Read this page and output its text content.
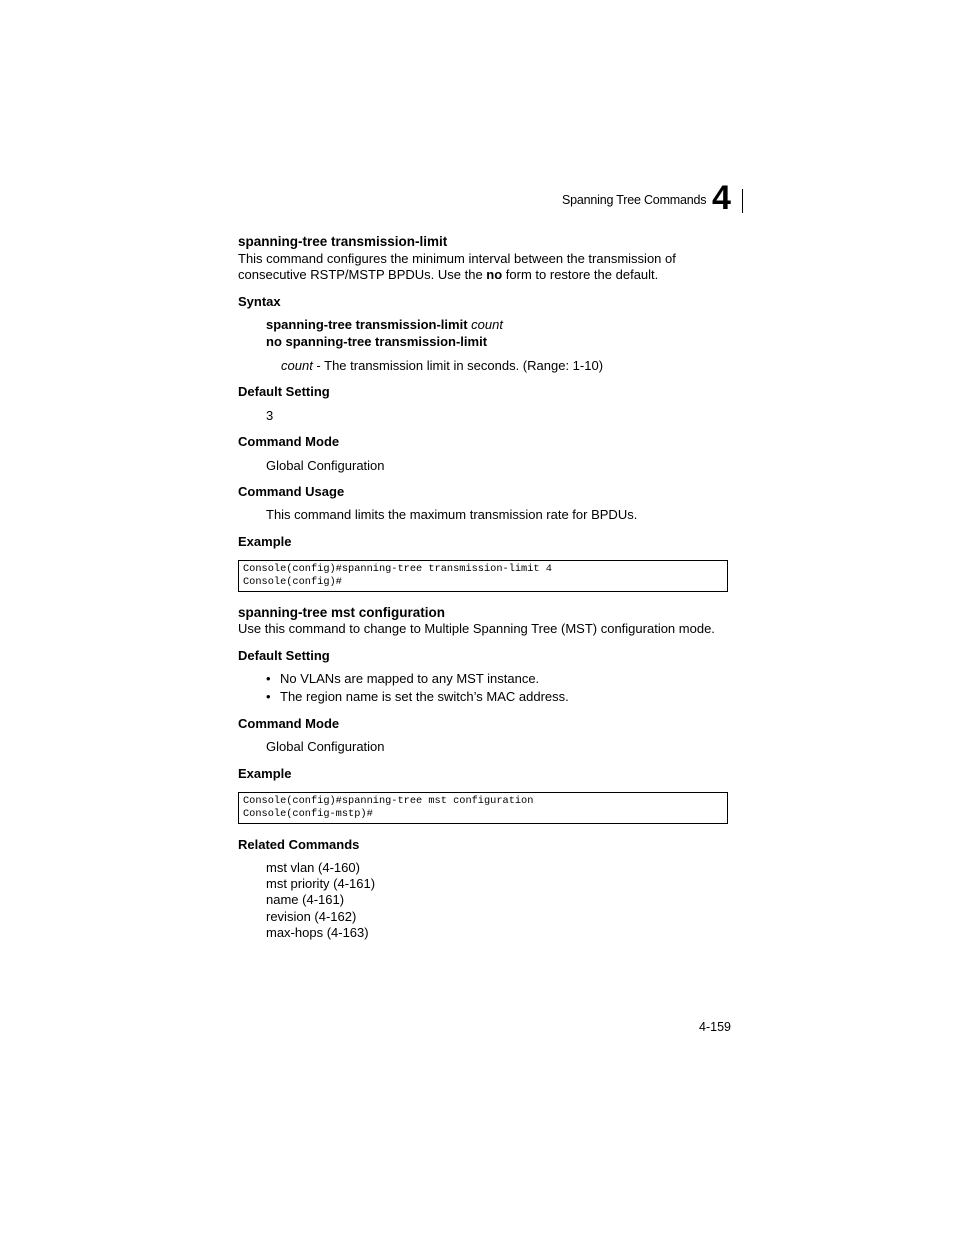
Spanning Tree Commands 4
spanning-tree transmission-limit
This command configures the minimum interval between the transmission of
consecutive RSTP/MSTP BPDUs. Use the no form to restore the default.
Syntax
spanning-tree transmission-limit count
no spanning-tree transmission-limit
count - The transmission limit in seconds. (Range: 1-10)
Default Setting
3
Command Mode
Global Configuration
Command Usage
This command limits the maximum transmission rate for BPDUs.
Example
Console(config)#spanning-tree transmission-limit 4
Console(config)#
spanning-tree mst configuration
Use this command to change to Multiple Spanning Tree (MST) configuration mode.
Default Setting
• No VLANs are mapped to any MST instance.
• The region name is set the switch’s MAC address.
Command Mode
Global Configuration
Example
Console(config)#spanning-tree mst configuration
Console(config-mstp)#
Related Commands
mst vlan (4-160)
mst priority (4-161)
name (4-161)
revision (4-162)
max-hops (4-163)
4-159
